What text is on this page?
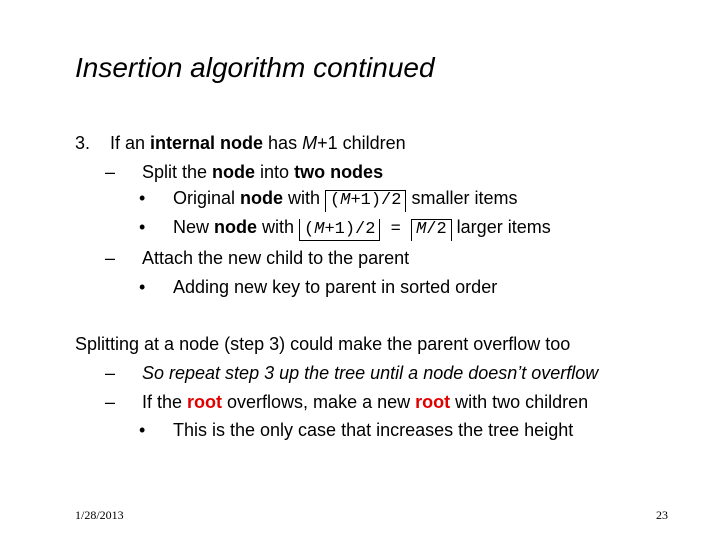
Insertion algorithm continued
3. If an internal node has M+1 children
– Split the node into two nodes
• Original node with (M+1)/2 smaller items
• New node with (M+1)/2 = M/2 larger items
– Attach the new child to the parent
• Adding new key to parent in sorted order
Splitting at a node (step 3) could make the parent overflow too
– So repeat step 3 up the tree until a node doesn’t overflow
– If the root overflows, make a new root with two children
• This is the only case that increases the tree height
1/28/2013	23
